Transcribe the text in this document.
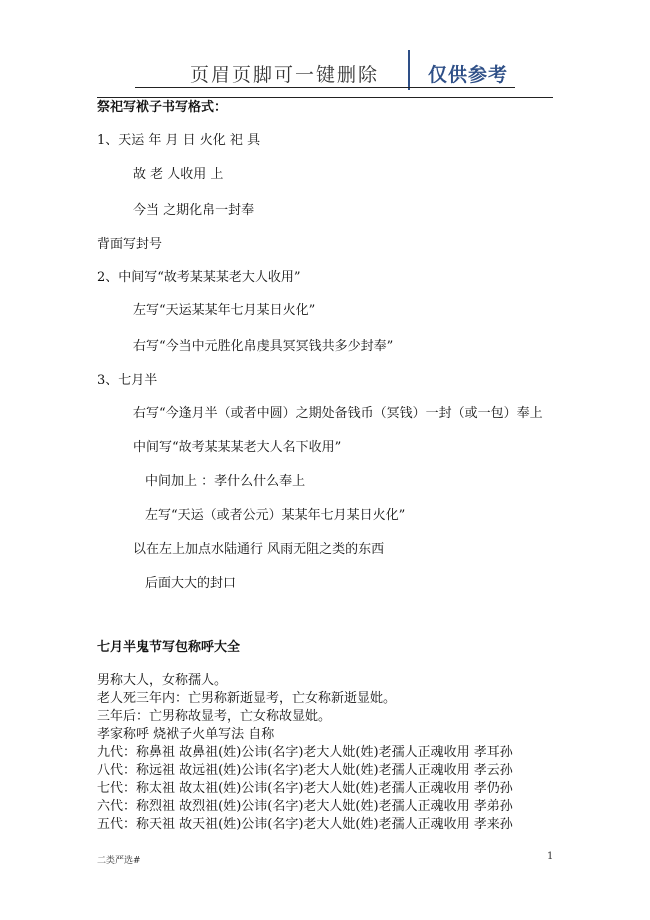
页眉页脚可一键删除	仅供参考
祭祀写袱子书写格式：
1、天运 年 月 日 火化 祀 具
故 老 人收用 上
今当 之期化帛一封奉
背面写封号
2、中间写“故考某某某老大人收用”
左写“天运某某年七月某日火化”
右写“今当中元胜化帛虔具冥冥钱共多少封奉”
3、七月半
右写“今逢月半（或者中圆）之期处备钱币（冥钱）一封（或一包）奉上
中间写“故考某某某老大人名下收用”
中间加上 ：孝什么什么奉上
左写“天运（或者公元）某某年七月某日火化”
以在左上加点水陆通行 风雨无阻之类的东西
后面大大的封口
七月半鬼节写包称呼大全
男称大人，女称孺人。
老人死三年内：亡男称新逝显考，亡女称新逝显妣。
三年后：亡男称故显考，亡女称故显妣。
孝家称呼 烧袱子火单写法 自称
九代：称鼻祖 故鼻祖(姓)公讳(名字)老大人妣(姓)老孺人正魂收用 孝耳孙
八代：称远祖 故远祖(姓)公讳(名字)老大人妣(姓)老孺人正魂收用 孝云孙
七代：称太祖 故太祖(姓)公讳(名字)老大人妣(姓)老孺人正魂收用 孝仍孙
六代：称烈祖 故烈祖(姓)公讳(名字)老大人妣(姓)老孺人正魂收用 孝弟孙
五代：称天祖 故天祖(姓)公讳(名字)老大人妣(姓)老孺人正魂收用 孝来孙
二类严选#	1
